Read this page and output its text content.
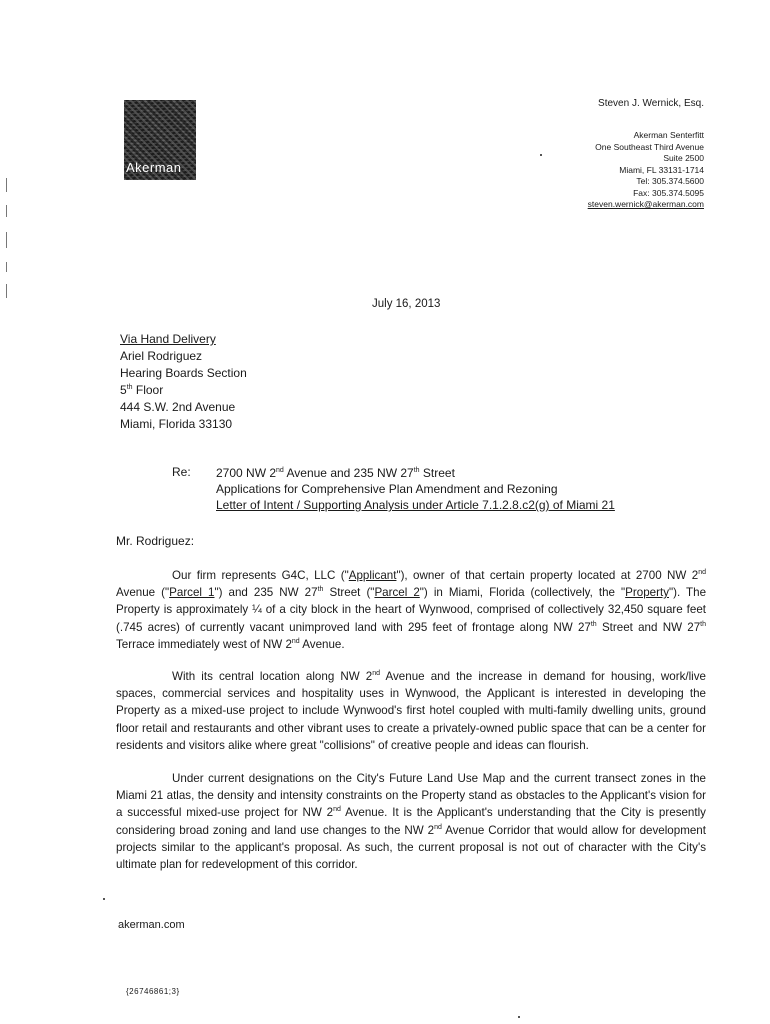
Akerman
Steven J. Wernick, Esq.
Akerman Senterfitt
One Southeast Third Avenue
Suite 2500
Miami, FL 33131-1714
Tel: 305.374.5600
Fax: 305.374.5095
steven.wernick@akerman.com
July 16, 2013
Via Hand Delivery
Ariel Rodriguez
Hearing Boards Section
5th Floor
444 S.W. 2nd Avenue
Miami, Florida 33130
Re: 2700 NW 2nd Avenue and 235 NW 27th Street
Applications for Comprehensive Plan Amendment and Rezoning
Letter of Intent / Supporting Analysis under Article 7.1.2.8.c2(g) of Miami 21
Mr. Rodriguez:
Our firm represents G4C, LLC ("Applicant"), owner of that certain property located at 2700 NW 2nd Avenue ("Parcel 1") and 235 NW 27th Street ("Parcel 2") in Miami, Florida (collectively, the "Property"). The Property is approximately ¼ of a city block in the heart of Wynwood, comprised of collectively 32,450 square feet (.745 acres) of currently vacant unimproved land with 295 feet of frontage along NW 27th Street and NW 27th Terrace immediately west of NW 2nd Avenue.
With its central location along NW 2nd Avenue and the increase in demand for housing, work/live spaces, commercial services and hospitality uses in Wynwood, the Applicant is interested in developing the Property as a mixed-use project to include Wynwood's first hotel coupled with multi-family dwelling units, ground floor retail and restaurants and other vibrant uses to create a privately-owned public space that can be a center for residents and visitors alike where great "collisions" of creative people and ideas can flourish.
Under current designations on the City's Future Land Use Map and the current transect zones in the Miami 21 atlas, the density and intensity constraints on the Property stand as obstacles to the Applicant's vision for a successful mixed-use project for NW 2nd Avenue. It is the Applicant's understanding that the City is presently considering broad zoning and land use changes to the NW 2nd Avenue Corridor that would allow for development projects similar to the applicant's proposal. As such, the current proposal is not out of character with the City's ultimate plan for redevelopment of this corridor.
akerman.com
{26746861;3}
